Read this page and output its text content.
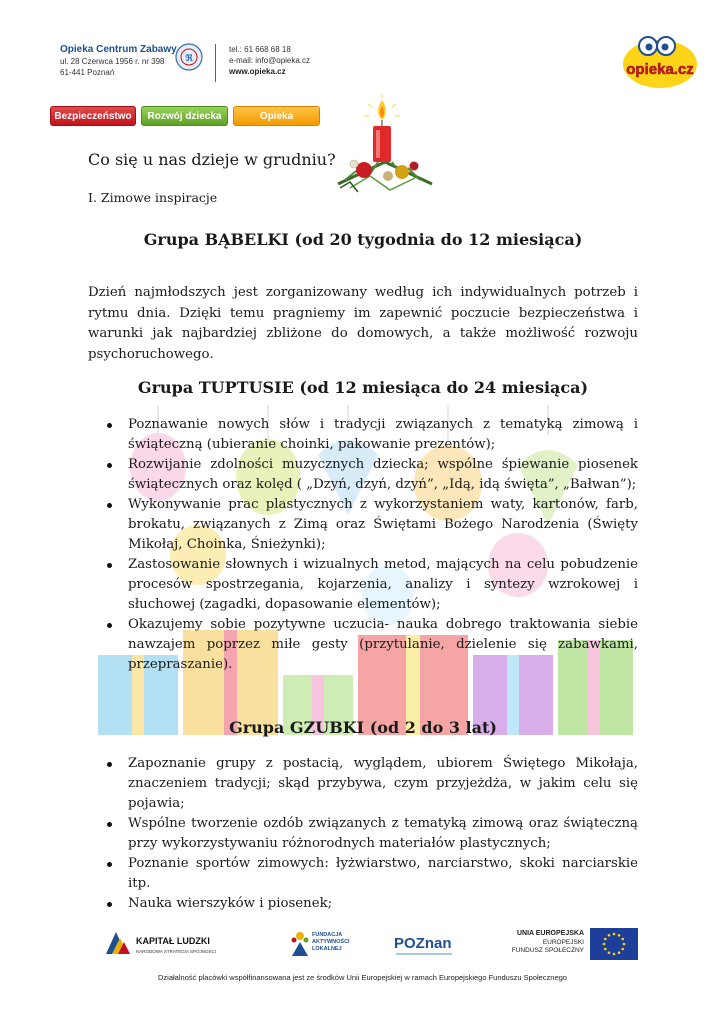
Opieka Centrum Zabawy
ul. 28 Czerwca 1956 r. nr 398
61-441 Poznań
ℜ
tel.: 61 668 68 18
e-mail: info@opieka.cz
www.opieka.cz	opieka.cz
Bezpieczeństwo	Rozwój dziecka	Opieka
Co się u nas dzieje w grudniu?
I. Zimowe inspiracje
Grupa BĄBELKI (od 20 tygodnia do 12 miesiąca)
Dzień najmłodszych jest zorganizowany według ich indywidualnych potrzeb i rytmu dnia. Dzięki temu pragniemy im zapewnić poczucie bezpieczeństwa i warunki jak najbardziej zbliżone do domowych, a także możliwość rozwoju psychoruchowego.
Grupa TUPTUSIE (od 12 miesiąca do 24 miesiąca)
Poznawanie nowych słów i tradycji związanych z tematyką zimową i świąteczną (ubieranie choinki, pakowanie prezentów);
Rozwijanie zdolności muzycznych dziecka; wspólne śpiewanie piosenek świątecznych oraz kolęd ( „Dzyń, dzyń, dzyń”, „Idą, idą święta”, „Bałwan”);
Wykonywanie prac plastycznych z wykorzystaniem waty, kartonów, farb, brokatu, związanych z Zimą oraz Świętami Bożego Narodzenia (Święty Mikołaj, Choinka, Śnieżynki);
Zastosowanie słownych i wizualnych metod, mających na celu pobudzenie procesów spostrzegania, kojarzenia, analizy i syntezy wzrokowej i słuchowej (zagadki, dopasowanie elementów);
Okazujemy sobie pozytywne uczucia- nauka dobrego traktowania siebie nawzajem poprzez miłe gesty (przytulanie, dzielenie się zabawkami, przepraszanie).
Grupa GZUBKI (od 2 do 3 lat)
Zapoznanie grupy z postacią, wyglądem, ubiorem Świętego Mikołaja, znaczeniem tradycji; skąd przybywa, czym przyjeżdża, w jakim celu się pojawia;
Wspólne tworzenie ozdób związanych z tematyką zimową oraz świąteczną przy wykorzystywaniu różnorodnych materiałów plastycznych;
Poznanie sportów zimowych: łyżwiarstwo, narciarstwo, skoki narciarskie itp.
Nauka wierszyków i piosenek;
KAPITAŁ LUDZKI
NARODOWA STRATEGIA SPÓJNOŚCI
FUNDACJA AKTYWNOŚCI LOKALNEJ	POZnan
UNIA EUROPEJSKA
EUROPEJSKI
FUNDUSZ SPOŁECZNY
Działalność placówki współfinansowana jest ze środków Unii Europejskiej w ramach Europejskiego Funduszu Społecznego
